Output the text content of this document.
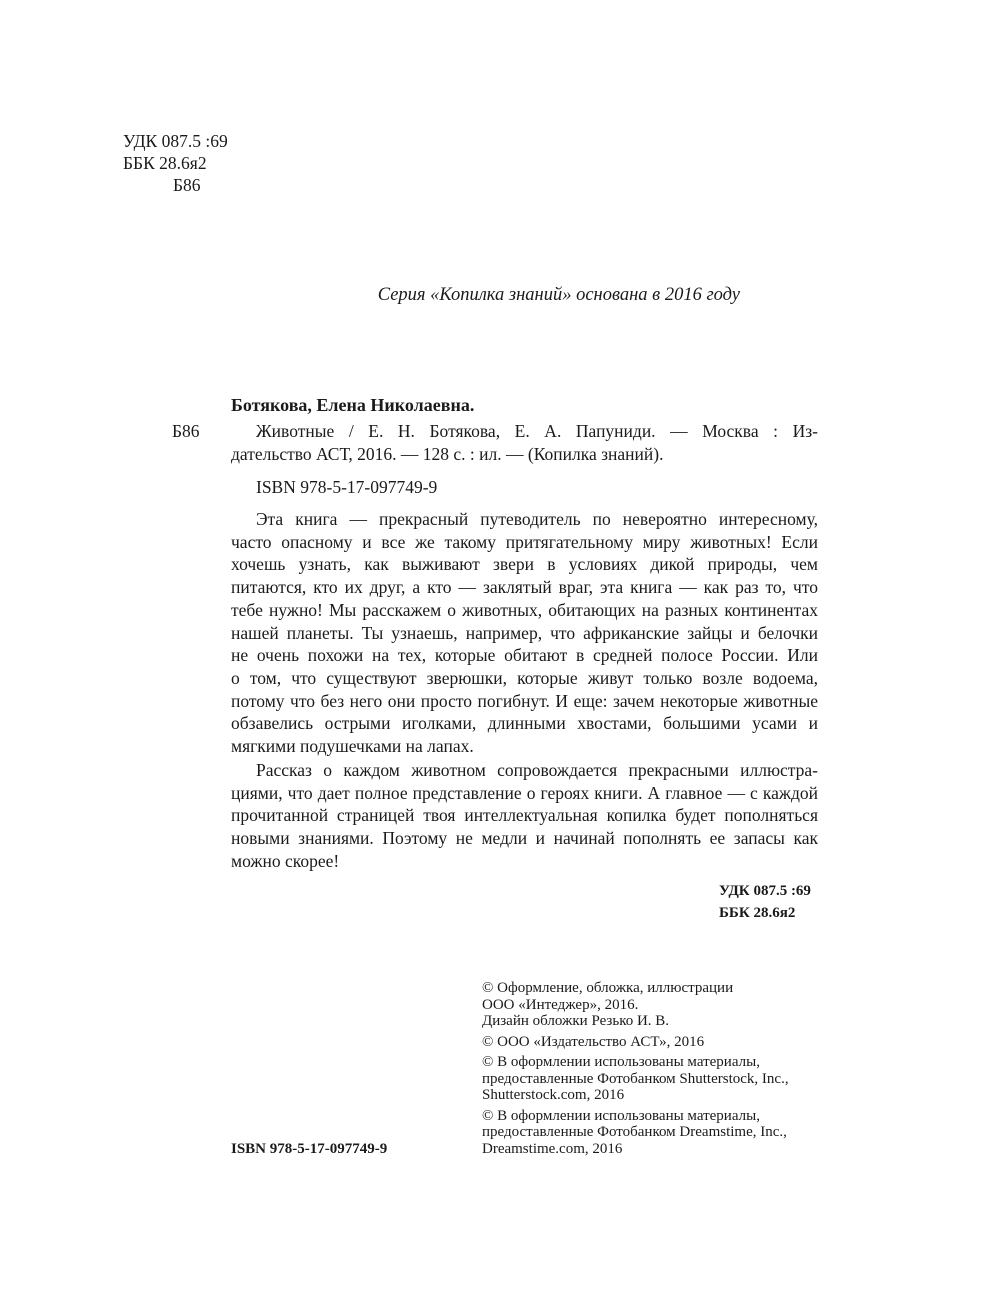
УДК 087.5 :69
ББК 28.6я2
Б86
Серия «Копилка знаний» основана в 2016 году
Ботякова, Елена Николаевна.
Б86	Животные / Е. Н. Ботякова, Е. А. Папуниди. — Москва : Из-
дательство АСТ, 2016. — 128 с. : ил. — (Копилка знаний).
ISBN 978-5-17-097749-9
Эта книга — прекрасный путеводитель по невероятно интересному,
часто опасному и все же такому притягательному миру животных! Если
хочешь узнать, как выживают звери в условиях дикой природы, чем
питаются, кто их друг, а кто — заклятый враг, эта книга — как раз то, что
тебе нужно! Мы расскажем о животных, обитающих на разных континентах
нашей планеты. Ты узнаешь, например, что африканские зайцы и белочки
не очень похожи на тех, которые обитают в средней полосе России. Или
о том, что существуют зверюшки, которые живут только возле водоема,
потому что без него они просто погибнут. И еще: зачем некоторые животные
обзавелись острыми иголками, длинными хвостами, большими усами и
мягкими подушечками на лапах.
Рассказ о каждом животном сопровождается прекрасными иллюстра-
циями, что дает полное представление о героях книги. А главное — с каждой
прочитанной страницей твоя интеллектуальная копилка будет пополняться
новыми знаниями. Поэтому не медли и начинай пополнять ее запасы как
можно скорее!
УДК 087.5 :69
ББК 28.6я2
© Оформление, обложка, иллюстрации
ООО «Интеджер», 2016.
Дизайн обложки Резько И. В.
© ООО «Издательство АСТ», 2016
© В оформлении использованы материалы,
предоставленные Фотобанком Shutterstock, Inc.,
Shutterstock.com, 2016
© В оформлении использованы материалы,
предоставленные Фотобанком Dreamstime, Inc.,
Dreamstime.com, 2016
ISBN 978-5-17-097749-9
